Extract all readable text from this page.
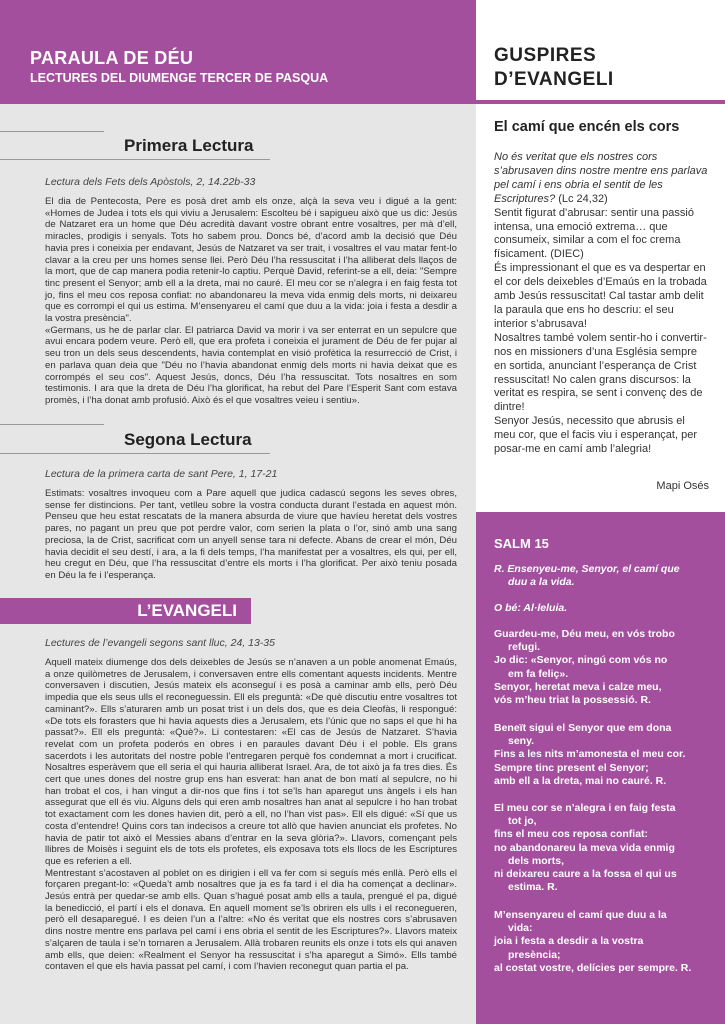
PARAULA DE DÉU
LECTURES DEL DIUMENGE TERCER DE PASQUA
Primera Lectura
Lectura dels Fets dels Apòstols, 2, 14.22b-33

El dia de Pentecosta, Pere es posà dret amb els onze, alçà la seva veu i digué a la gent: «Homes de Judea i tots els qui viviu a Jerusalem: Escolteu bé i sapigueu això que us dic: Jesús de Natzaret era un home que Déu acredità davant vostre obrant entre vosaltres, per mà d’ell, miracles, prodigis i senyals. Tots ho sabem prou. Doncs bé, d’acord amb la decisió que Déu havia pres i coneixia per endavant, Jesús de Natzaret va ser trait, i vosaltres el vau matar fent-lo clavar a la creu per uns homes sense llei. Però Déu l’ha ressuscitat i l’ha alliberat dels llaços de la mort, que de cap manera podia retenir-lo captiu. Perquè David, referint-se a ell, deia: "Sempre tinc present el Senyor; amb ell a la dreta, mai no cauré. El meu cor se n’alegra i en faig festa tot jo, fins el meu cos reposa confiat: no abandonareu la meva vida enmig dels morts, ni deixareu que es corrompi el qui us estima. M’ensenyareu el camí que duu a la vida: joia i festa a desdir a la vostra presència".

«Germans, us he de parlar clar. El patriarca David va morir i va ser enterrat en un sepulcre que avui encara podem veure. Però ell, que era profeta i coneixia el jurament de Déu de fer pujar al seu tron un dels seus descendents, havia contemplat en visió profètica la resurrecció de Crist, i en parlava quan deia que "Déu no l’havia abandonat enmig dels morts ni havia deixat que es corrompés el seu cos". Aquest Jesús, doncs, Déu l’ha ressuscitat. Tots nosaltres en som testimonis. I ara que la dreta de Déu l’ha glorificat, ha rebut del Pare l’Esperit Sant com estava promès, i l’ha donat amb profusió. Això és el que vosaltres veieu i sentiu».

Segona Lectura
Lectura de la primera carta de sant Pere, 1, 17-21

Estimats: vosaltres invoqueu com a Pare aquell que judica cadascú segons les seves obres, sense fer distincions. Per tant, vetlleu sobre la vostra conducta durant l’estada en aquest món. Penseu que heu estat rescatats de la manera absurda de viure que havíeu heretat dels vostres pares, no pagant un preu que pot perdre valor, com serien la plata o l’or, sinó amb una sang preciosa, la de Crist, sacrificat com un anyell sense tara ni defecte. Abans de crear el món, Déu havia decidit el seu destí, i ara, a la fi dels temps, l’ha manifestat per a vosaltres, els qui, per ell, heu cregut en Déu, que l’ha ressuscitat d’entre els morts i l’ha glorificat. Per això teniu posada en Déu la fe i l’esperança.

L’EVANGELI
Lectures de l’evangeli segons sant lluc, 24, 13-35

Aquell mateix diumenge dos dels deixebles de Jesús se n’anaven a un poble anomenat Emaús, a onze quilòmetres de Jerusalem, i conversaven entre ells comentant aquests incidents. Mentre conversaven i discutien, Jesús mateix els aconseguí i es posà a caminar amb ells, però Déu impedia que els seus ulls el reconeguessin. Ell els preguntà: «De què discutiu entre vosaltres tot caminant?». Ells s’aturaren amb un posat trist i un dels dos, que es deia Cleofàs, li respongué: «De tots els forasters que hi havia aquests dies a Jerusalem, ets l’únic que no saps el que hi ha passat?». Ell els preguntà: «Què?». Li contestaren: «El cas de Jesús de Natzaret. S’havia revelat com un profeta poderós en obres i en paraules davant Déu i el poble. Els grans sacerdots i les autoritats del nostre poble l’entregaren perquè fos condemnat a mort i crucificat. Nosaltres esperàvem que ell seria el qui hauria alliberat Israel. Ara, de tot això ja fa tres dies. És cert que unes dones del nostre grup ens han esverat: han anat de bon matí al sepulcre, no hi han trobat el cos, i han vingut a dir-nos que fins i tot se’ls han aparegut uns àngels i els han assegurat que ell és viu. Alguns dels qui eren amb nosaltres han anat al sepulcre i ho han trobat tot exactament com les dones havien dit, però a ell, no l’han vist pas». Ell els digué: «Sí que us costa d’entendre! Quins cors tan indecisos a creure tot allò que havien anunciat els profetes. No havia de patir tot això el Messies abans d’entrar en la seva glòria?». Llavors, començant pels llibres de Moisès i seguint els de tots els profetes, els exposava tots els llocs de les Escriptures que es referien a ell.

Mentrestant s’acostaven al poblet on es dirigien i ell va fer com si seguís més enllà. Però ells el forçaren pregant-lo: «Queda’t amb nosaltres que ja es fa tard i el dia ha començat a declinar». Jesús entrà per quedar-se amb ells. Quan s’hagué posat amb ells a taula, prengué el pa, digué la benedicció, el partí i els el donava. En aquell moment se’ls obriren els ulls i el reconegueren, però ell desaparegué. I es deien l’un a l’altre: «No és veritat que els nostres cors s’abrusaven dins nostre mentre ens parlava pel camí i ens obria el sentit de les Escriptures?». Llavors mateix s’alçaren de taula i se’n tornaren a Jerusalem. Allà trobaren reunits els onze i tots els qui anaven amb ells, que deien: «Realment el Senyor ha ressuscitat i s’ha aparegut a Simó». Ells també contaven el que els havia passat pel camí, i com l’havien reconegut quan partia el pa.

GUSPIRES
D’EVANGELI
El camí que encén els cors

No és veritat que els nostres cors s’abrusaven dins nostre mentre ens parlava pel camí i ens obria el sentit de les Escriptures? (Lc 24,32)

Sentit figurat d’abrusar: sentir una passió intensa, una emoció extrema… que consumeix, similar a com el foc crema físicament. (DIEC)

És impressionant el que es va despertar en el cor dels deixebles d’Emaús en la trobada amb Jesús ressuscitat! Cal tastar amb delit la paraula que ens ho descriu: el seu interior s’abrusava!

Nosaltres també volem sentir-ho i convertir-nos en missioners d’una Església sempre en sortida, anunciant l’esperança de Crist ressuscitat! No calen grans discursos: la veritat es respira, se sent i convenç des de dintre!

Senyor Jesús, necessito que abrusis el meu cor, que el facis viu i esperançat, per posar-me en camí amb l’alegria!

Mapi Osés
SALM 15
R. Ensenyeu-me, Senyor, el camí que
duu a la vida.
O bé: Al·leluia.
Guardeu-me, Déu meu, en vós trobo
refugi.
Jo dic: «Senyor, ningú com vós no
em fa feliç».
Senyor, heretat meva i calze meu,
vós m’heu triat la possessió. R.
Beneït sigui el Senyor que em dona
seny.
Fins a les nits m’amonesta el meu cor.
Sempre tinc present el Senyor;
amb ell a la dreta, mai no cauré. R.
El meu cor se n’alegra i en faig festa
tot jo,
fins el meu cos reposa confiat:
no abandonareu la meva vida enmig
dels morts,
ni deixareu caure a la fossa el qui us
estima. R.
M’ensenyareu el camí que duu a la
vida:
joia i festa a desdir a la vostra
presència;
al costat vostre, delícies per sempre. R.
